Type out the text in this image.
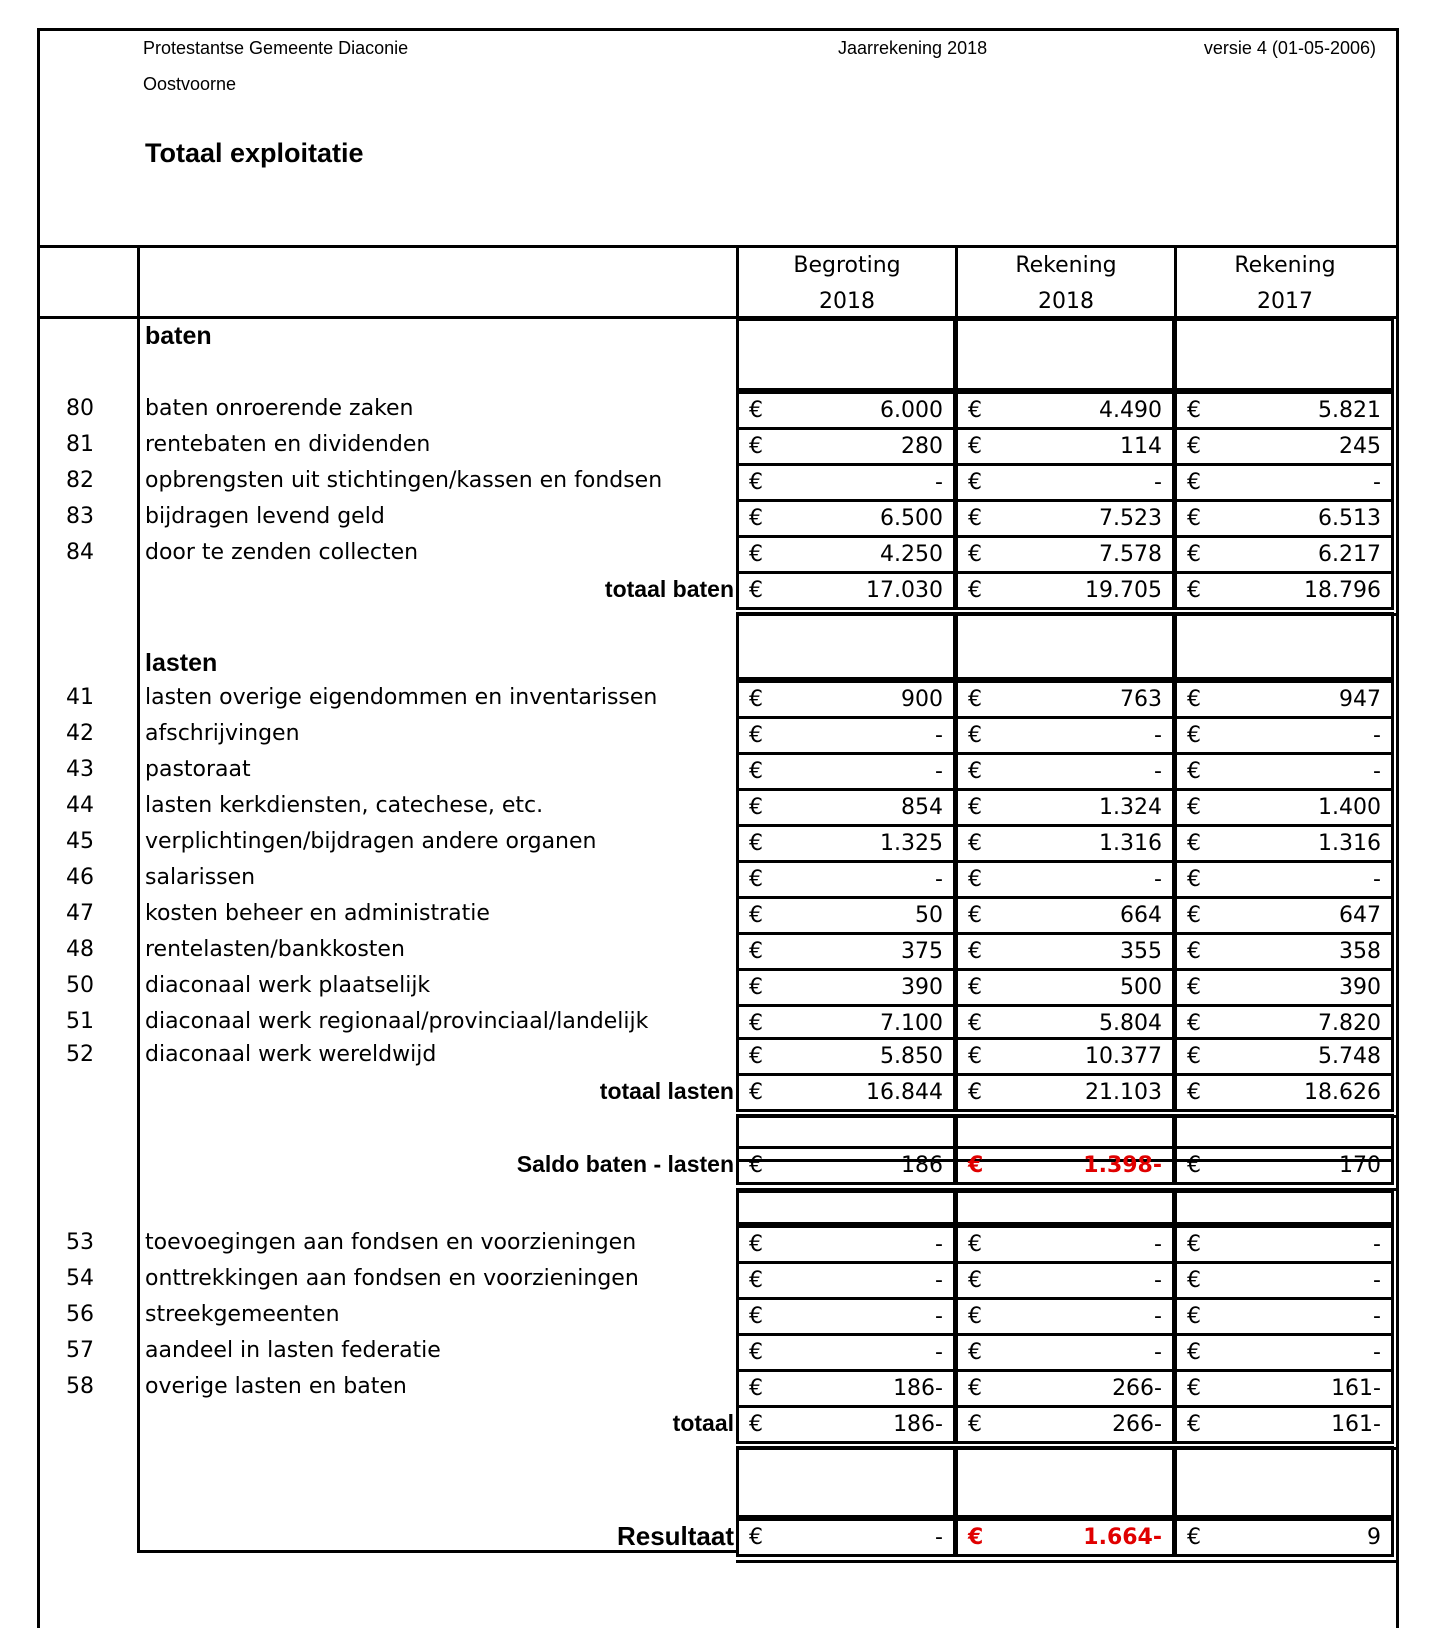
Protestantse Gemeente Diaconie
Oostvoorne
Jaarrekening 2018	versie 4 (01-05-2006)
Totaal exploitatie
Begroting
2018
Rekening
2018
Rekening
2017
baten
80	baten onroerende zaken	€	6.000 €	4.490 €	5.821
81	rentebaten en dividenden	€	280 €	114 €	245
82	opbrengsten uit stichtingen/kassen en fondsen	€	- €	- €	-
83	bijdragen levend geld	€	6.500 €	7.523 €	6.513
84	door te zenden collecten	€	4.250 €	7.578 €	6.217
totaal baten €	17.030 €	19.705 €	18.796
lasten
41	lasten overige eigendommen en inventarissen	€	900 €	763 €	947
42	afschrijvingen	€	- €	- €	-
43	pastoraat	€	- €	- €	-
44	lasten kerkdiensten, catechese, etc.	€	854 €	1.324 €	1.400
45	verplichtingen/bijdragen andere organen	€	1.325 €	1.316 €	1.316
46	salarissen	€	- €	- €	-
47	kosten beheer en administratie	€	50 €	664 €	647
48	rentelasten/bankkosten	€	375 €	355 €	358
50	diaconaal werk plaatselijk	€	390 €	500 €	390
51	diaconaal werk regionaal/provinciaal/landelijk	€	7.100 €	5.804 €	7.820
52	diaconaal werk wereldwijd	€	5.850 €	10.377 €	5.748
totaal lasten €	16.844 €	21.103 €	18.626
Saldo baten - lasten €	186 €	1.398- €	170
53	toevoegingen aan fondsen en voorzieningen	€	- €	- €	-
54	onttrekkingen aan fondsen en voorzieningen	€	- €	- €	-
56	streekgemeenten	€	- €	- €	-
57	aandeel in lasten federatie	€	- €	- €	-
58	overige lasten en baten	€	186- €	266- €	161-
totaal €	186- €	266- €	161-
Resultaat €	- €	1.664- €	9
